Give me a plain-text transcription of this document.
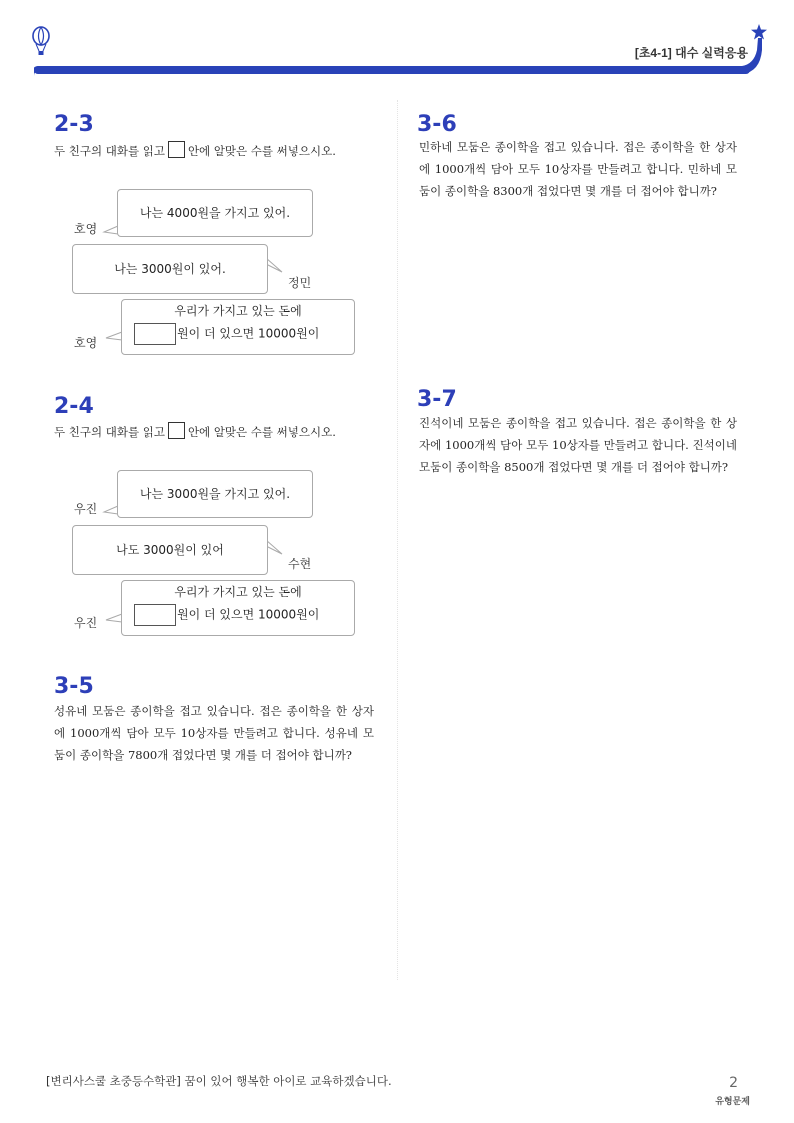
[초4-1] 대수 실력응용
2-3
두 친구의 대화를 읽고 안에 알맞은 수를 써넣으시오.
호영
나는 4000원을 가지고 있어.
나는 3000원이 있어.
정민
호영
우리가 가지고 있는 돈에
원이 더 있으면 10000원이
2-4
두 친구의 대화를 읽고 안에 알맞은 수를 써넣으시오.
우진
나는 3000원을 가지고 있어.
나도 3000원이 있어
수현
우진
우리가 가지고 있는 돈에
원이 더 있으면 10000원이
3-5
성유네 모둠은 종이학을 접고 있습니다. 접은 종이학을 한 상자에 1000개씩 담아 모두 10상자를 만들려고 합니다. 성유네 모둠이 종이학을 7800개 접었다면 몇 개를 더 접어야 합니까?
3-6
민하네 모둠은 종이학을 접고 있습니다. 접은 종이학을 한 상자에 1000개씩 담아 모두 10상자를 만들려고 합니다. 민하네 모둠이 종이학을 8300개 접었다면 몇 개를 더 접어야 합니까?
3-7
진석이네 모둠은 종이학을 접고 있습니다. 접은 종이학을 한 상자에 1000개씩 담아 모두 10상자를 만들려고 합니다. 진석이네 모둠이 종이학을 8500개 접었다면 몇 개를 더 접어야 합니까?
[변리사스쿨 초중등수학관] 꿈이 있어 행복한 아이로 교육하겠습니다.	2
유형문제
